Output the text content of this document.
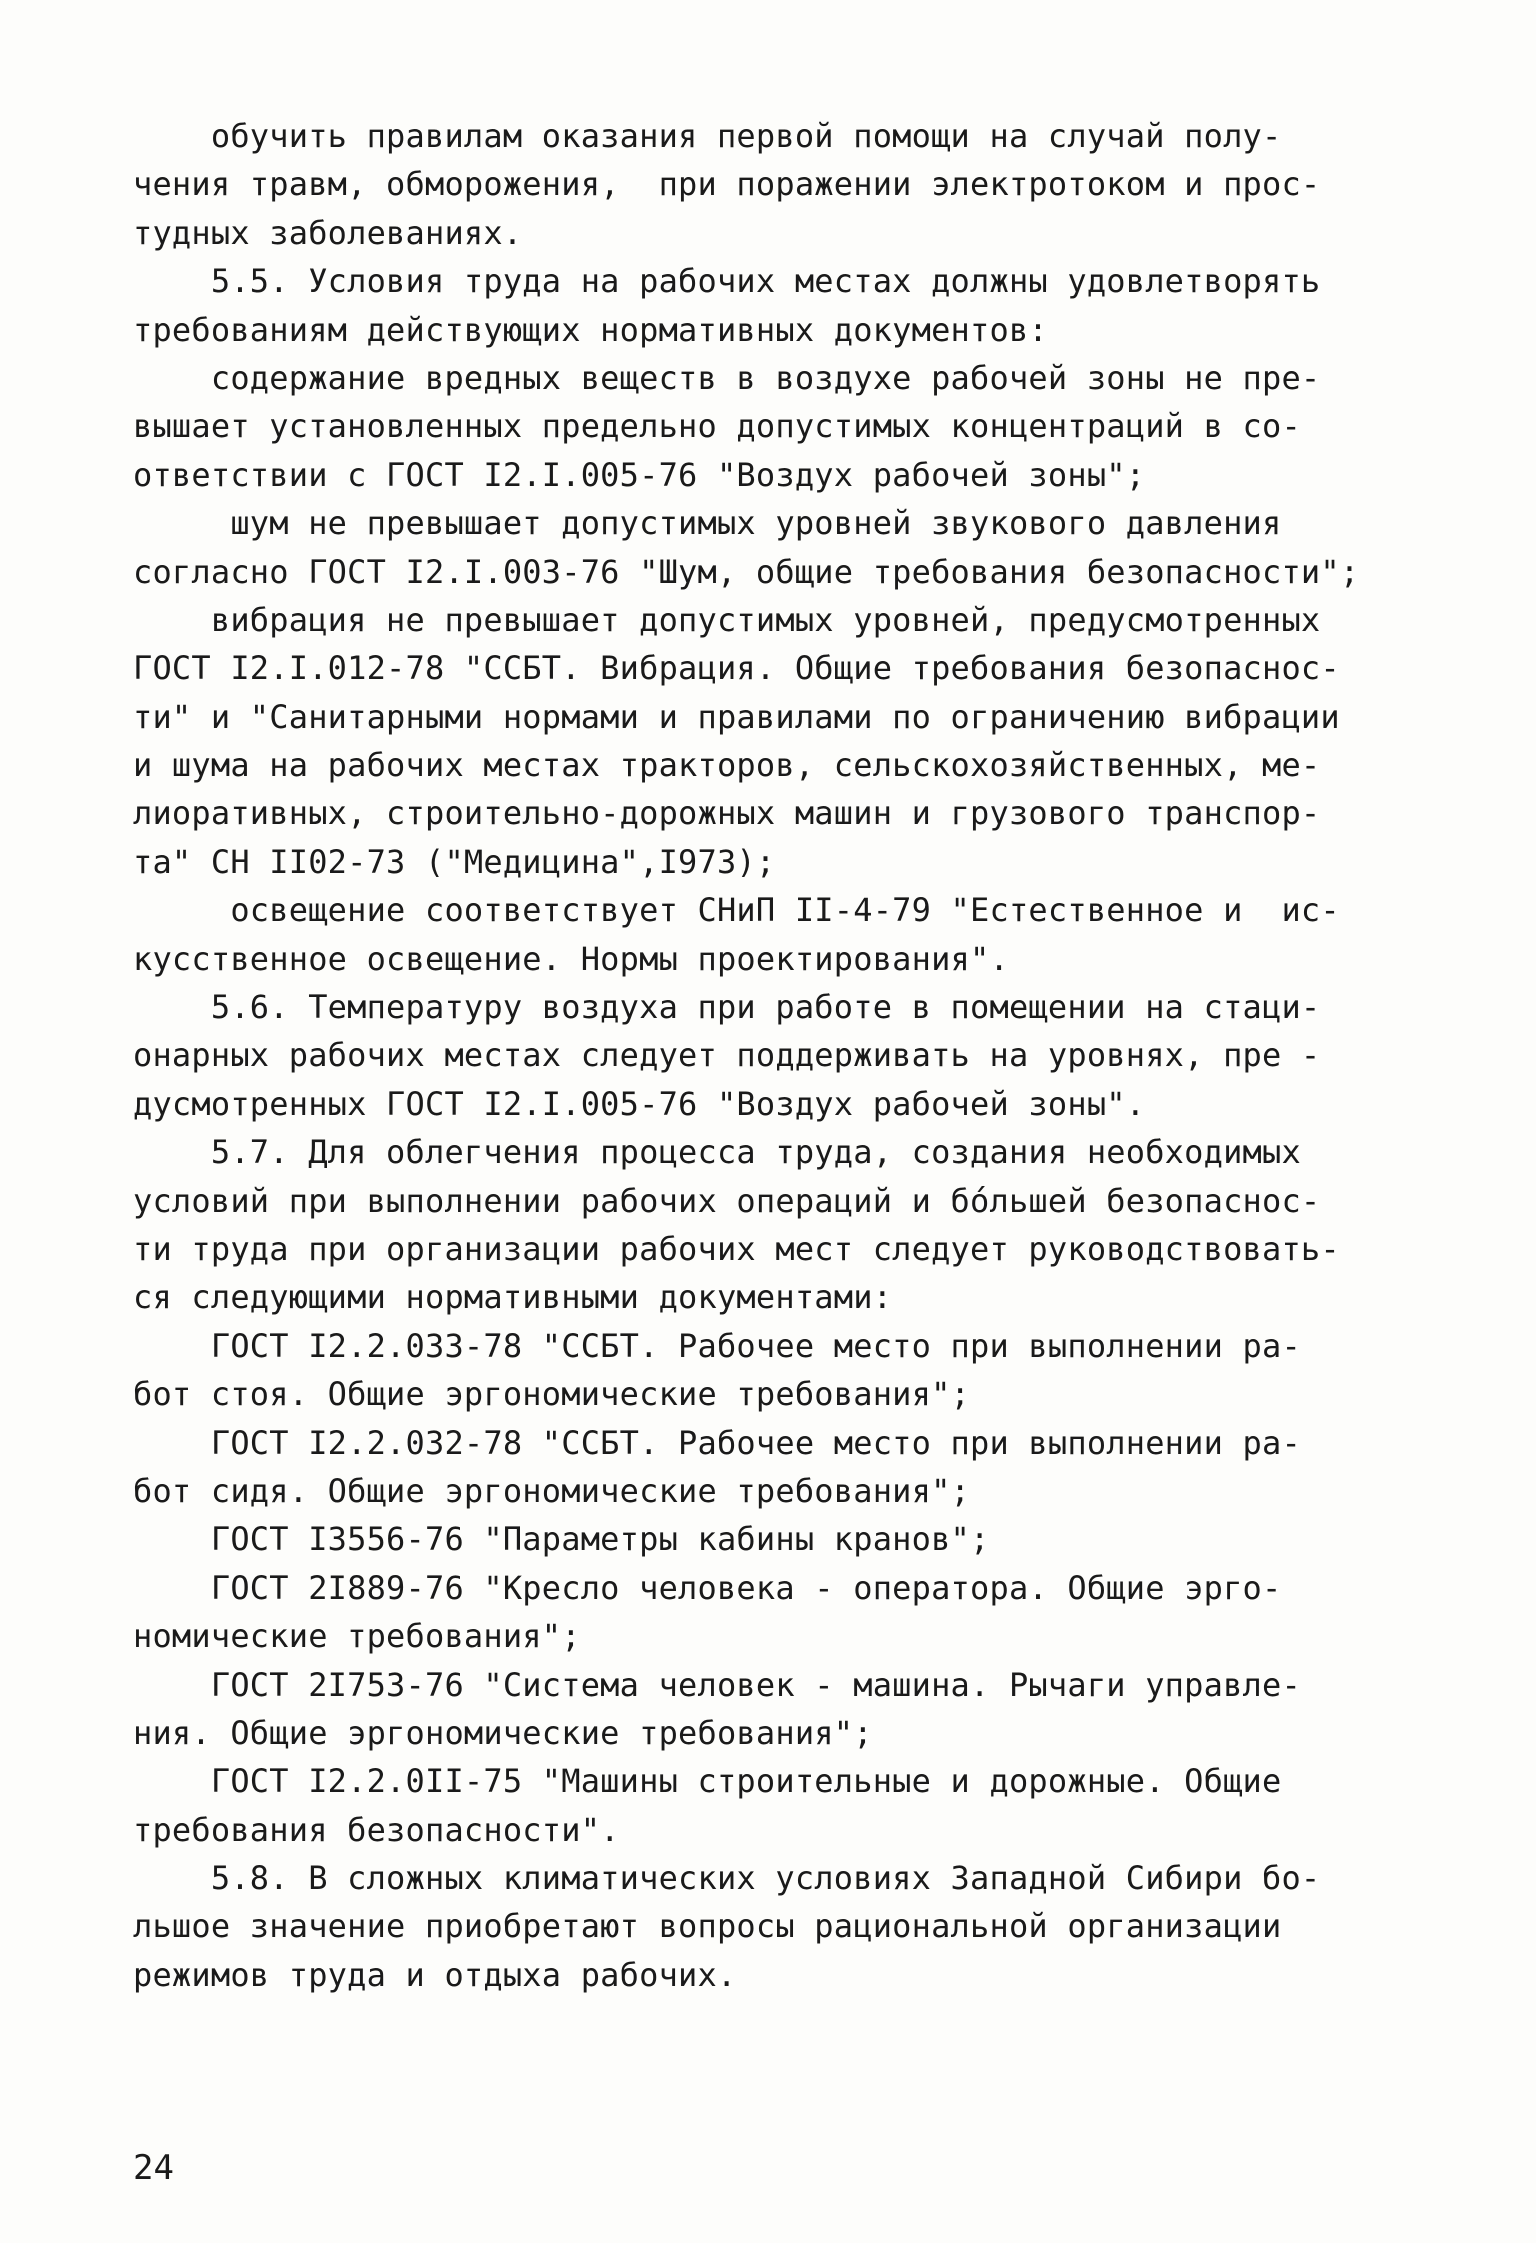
обучить правилам оказания первой помощи на случай полу-
чения травм, обморожения,  при поражении электротоком и прос-
тудных заболеваниях.
5.5. Условия труда на рабочих местах должны удовлетворять
требованиям действующих нормативных документов:
содержание вредных веществ в воздухе рабочей зоны не пре-
вышает установленных предельно допустимых концентраций в со-
ответствии с ГОСТ I2.I.005-76 "Воздух рабочей зоны";
шум не превышает допустимых уровней звукового давления
согласно ГОСТ I2.I.003-76 "Шум, общие требования безопасности";
вибрация не превышает допустимых уровней, предусмотренных
ГОСТ I2.I.012-78 "ССБТ. Вибрация. Общие требования безопаснос-
ти" и "Санитарными нормами и правилами по ограничению вибрации
и шума на рабочих местах тракторов, сельскохозяйственных, ме-
лиоративных, строительно-дорожных машин и грузового транспор-
та" СН II02-73 ("Медицина",I973);
освещение соответствует СНиП II-4-79 "Естественное и  ис-
кусственное освещение. Нормы проектирования".
5.6. Температуру воздуха при работе в помещении на стаци-
онарных рабочих местах следует поддерживать на уровнях, пре -
дусмотренных ГОСТ I2.I.005-76 "Воздух рабочей зоны".
5.7. Для облегчения процесса труда, создания необходимых
условий при выполнении рабочих операций и бо́льшей безопаснос-
ти труда при организации рабочих мест следует руководствовать-
ся следующими нормативными документами:
ГОСТ I2.2.033-78 "ССБТ. Рабочее место при выполнении ра-
бот стоя. Общие эргономические требования";
ГОСТ I2.2.032-78 "ССБТ. Рабочее место при выполнении ра-
бот сидя. Общие эргономические требования";
ГОСТ I3556-76 "Параметры кабины кранов";
ГОСТ 2I889-76 "Кресло человека - оператора. Общие эрго-
номические требования";
ГОСТ 2I753-76 "Система человек - машина. Рычаги управле-
ния. Общие эргономические требования";
ГОСТ I2.2.0II-75 "Машины строительные и дорожные. Общие
требования безопасности".
5.8. В сложных климатических условиях Западной Сибири бо-
льшое значение приобретают вопросы рациональной организации
режимов труда и отдыха рабочих.
24
